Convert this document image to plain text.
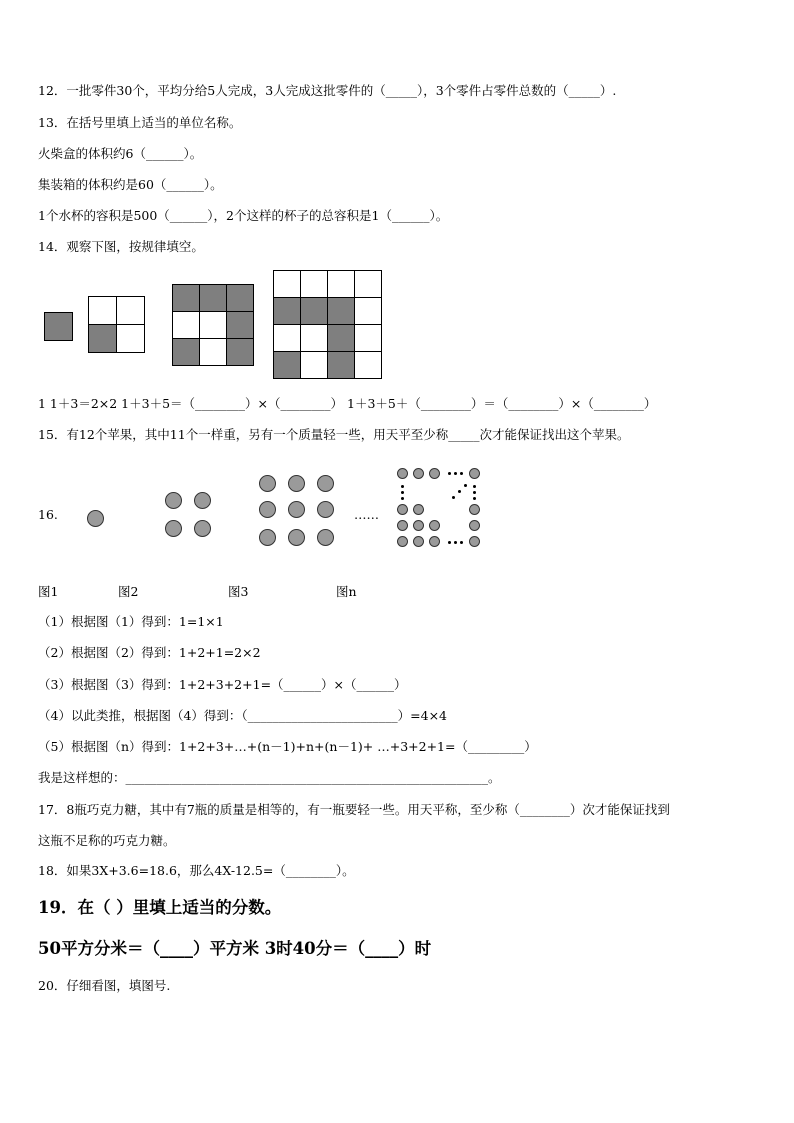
12．一批零件30个，平均分给5人完成，3人完成这批零件的（_____），3个零件占零件总数的（_____）.
13．在括号里填上适当的单位名称。
火柴盒的体积约6（______）。
集装箱的体积约是60（______）。
1个水杯的容积是500（______），2个这样的杯子的总容积是1（______）。
14．观察下图，按规律填空。
1 1＋3＝2×2 1＋3＋5＝（________）×（________） 1＋3＋5＋（________）＝（________）×（________）
15．有12个苹果，其中11个一样重，另有一个质量轻一些，用天平至少称_____次才能保证找出这个苹果。
16.	……
图1	图2	图3	图n
（1）根据图（1）得到：1=1×1
（2）根据图（2）得到：1+2+1=2×2
（3）根据图（3）得到：1+2+3+2+1=（______）×（______）
（4）以此类推，根据图（4）得到：（________________________）=4×4
（5）根据图（n）得到：1+2+3+…+(n－1)+n+(n－1)+ …+3+2+1=（_________）
我是这样想的：__________________________________________________________。
17．8瓶巧克力糖，其中有7瓶的质量是相等的，有一瓶要轻一些。用天平称，至少称（________）次才能保证找到
这瓶不足称的巧克力糖。
18．如果3X+3.6=18.6，那么4X-12.5=（________）。
19．在（ ）里填上适当的分数。
50平方分米＝（____）平方米 3时40分＝（____）时
20．仔细看图，填图号.
